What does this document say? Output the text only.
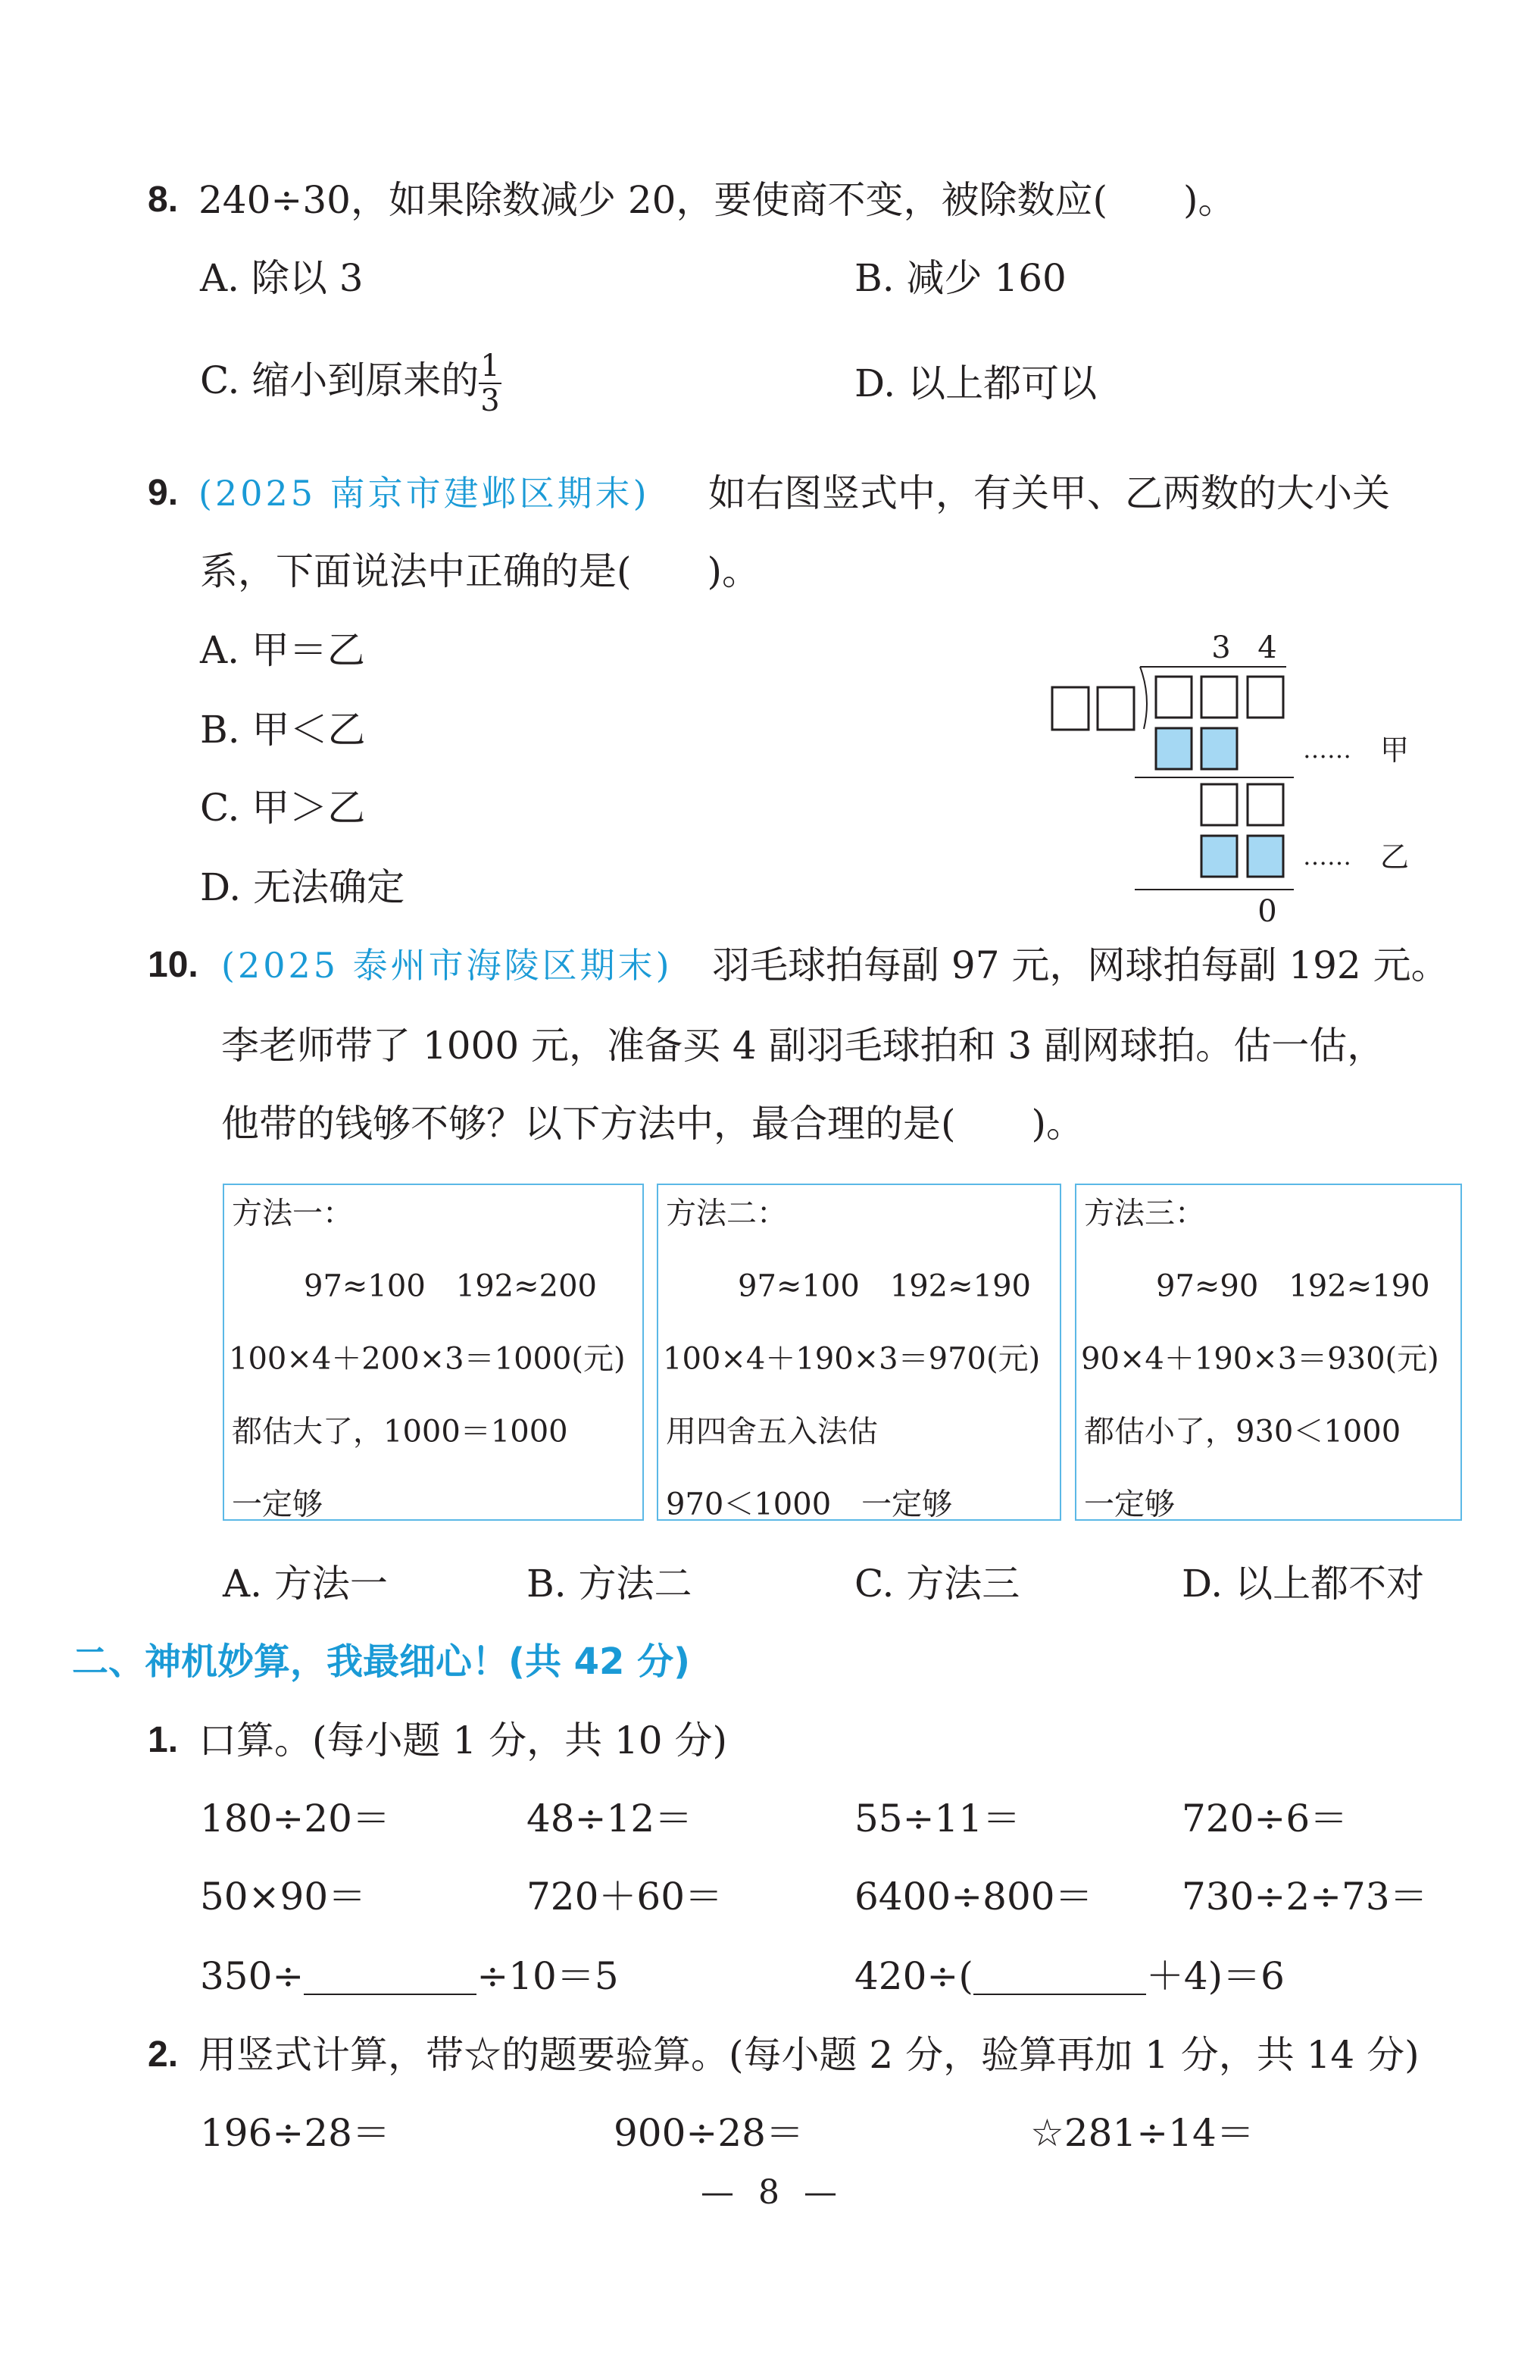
8. 240÷30，如果除数减少 20，要使商不变，被除数应(　　)。
A. 除以 3	B. 减少 160
C. 缩小到原来的 $\frac{1}{3}$	D. 以上都可以
9. (2025 南京市建邺区期末) 如右图竖式中，有关甲、乙两数的大小关
系，下面说法中正确的是(　　)。
A. 甲＝乙
B. 甲＜乙
C. 甲＞乙
D. 无法确定
3 4
0
…… 甲
…… 乙
10. (2025 泰州市海陵区期末) 羽毛球拍每副 97 元，网球拍每副 192 元。
李老师带了 1000 元，准备买 4 副羽毛球拍和 3 副网球拍。估一估，
他带的钱够不够？以下方法中，最合理的是(　　)。
方法一：
97≈100　192≈200
100×4＋200×3＝1000(元)
都估大了，1000＝1000
一定够
方法二：
97≈100　192≈190
100×4＋190×3＝970(元)
用四舍五入法估
970＜1000　一定够
方法三：
97≈90　192≈190
90×4＋190×3＝930(元)
都估小了，930＜1000
一定够
A. 方法一	B. 方法二	C. 方法三	D. 以上都不对
二、神机妙算，我最细心！(共 42 分)
1. 口算。(每小题 1 分，共 10 分)
180÷20＝	48÷12＝	55÷11＝	720÷6＝
50×90＝	720＋60＝	6400÷800＝ 730÷2÷73＝
350÷	÷10＝5	420÷(	＋4)＝6
2. 用竖式计算，带☆的题要验算。(每小题 2 分，验算再加 1 分，共 14 分)
196÷28＝	900÷28＝	☆281÷14＝
— 8 —
